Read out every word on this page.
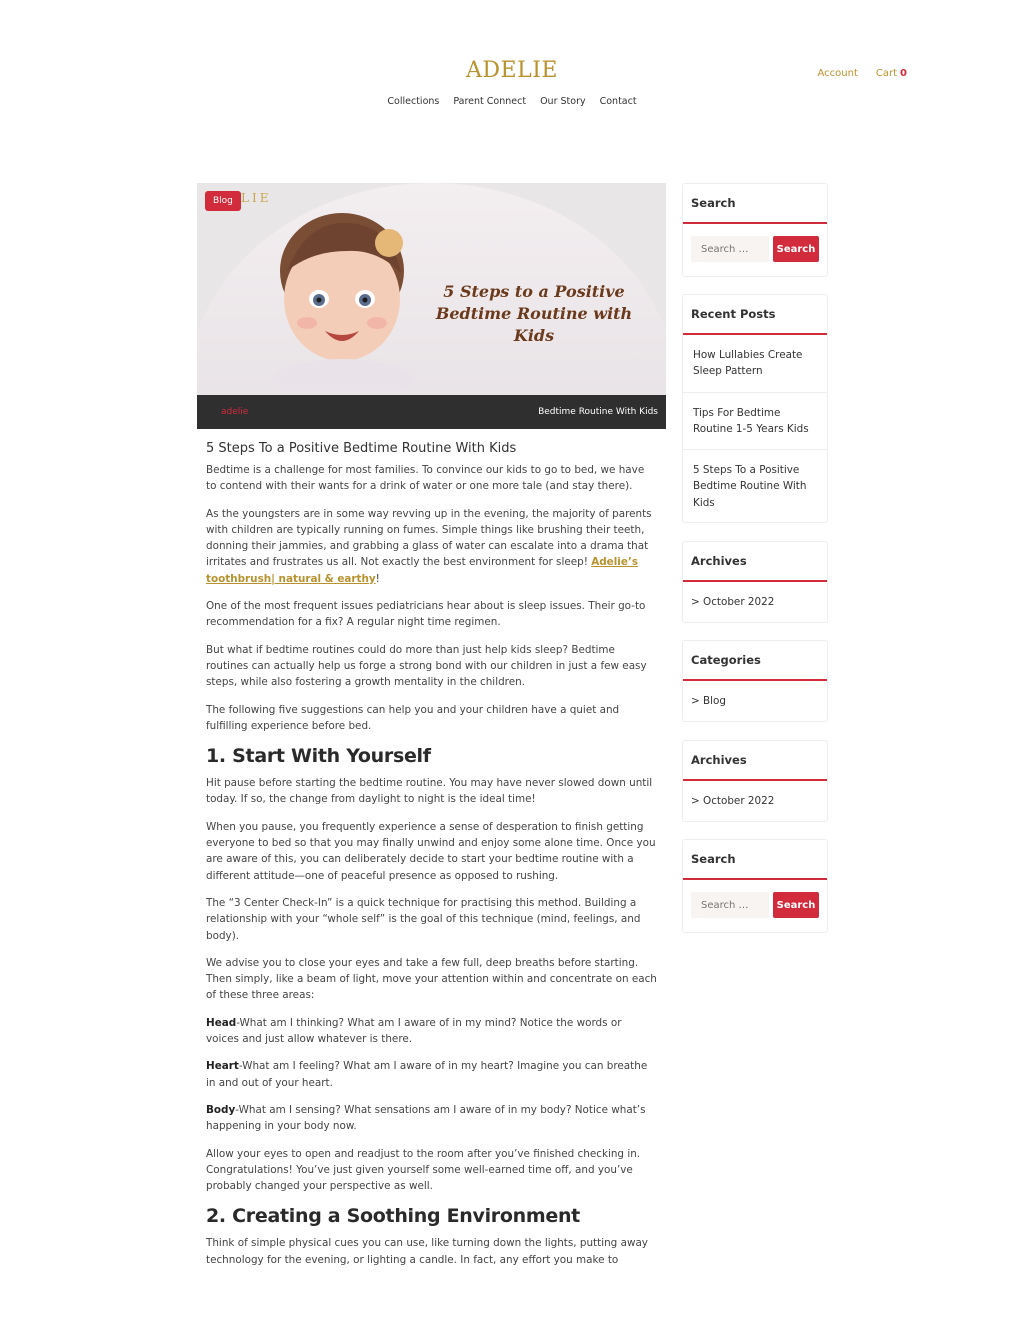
ADELIE	Account Cart 0
Collections Parent Connect Our Story Contact
LIE
5 Steps to a Positive
Bedtime Routine with Kids
Blog
adelie	Bedtime Routine With Kids
5 Steps To a Positive Bedtime Routine With Kids

Bedtime is a challenge for most families. To convince our kids to go to bed, we have to contend with their wants for a drink of water or one more tale (and stay there).

As the youngsters are in some way revving up in the evening, the majority of parents with children are typically running on fumes. Simple things like brushing their teeth, donning their jammies, and grabbing a glass of water can escalate into a drama that irritates and frustrates us all. Not exactly the best environment for sleep! Adelie’s toothbrush| natural & earthy!

One of the most frequent issues pediatricians hear about is sleep issues. Their go-to recommendation for a fix? A regular night time regimen.

But what if bedtime routines could do more than just help kids sleep? Bedtime routines can actually help us forge a strong bond with our children in just a few easy steps, while also fostering a growth mentality in the children.

The following five suggestions can help you and your children have a quiet and fulfilling experience before bed.

1. Start With Yourself

Hit pause before starting the bedtime routine. You may have never slowed down until today. If so, the change from daylight to night is the ideal time!

When you pause, you frequently experience a sense of desperation to finish getting everyone to bed so that you may finally unwind and enjoy some alone time. Once you are aware of this, you can deliberately decide to start your bedtime routine with a different attitude—one of peaceful presence as opposed to rushing.

The “3 Center Check-In” is a quick technique for practising this method. Building a relationship with your “whole self” is the goal of this technique (mind, feelings, and body).

We advise you to close your eyes and take a few full, deep breaths before starting. Then simply, like a beam of light, move your attention within and concentrate on each of these three areas:

Head-What am I thinking? What am I aware of in my mind? Notice the words or voices and just allow whatever is there.

Heart-What am I feeling? What am I aware of in my heart? Imagine you can breathe in and out of your heart.

Body-What am I sensing? What sensations am I aware of in my body? Notice what’s happening in your body now.

Allow your eyes to open and readjust to the room after you’ve finished checking in. Congratulations! You’ve just given yourself some well-earned time off, and you’ve probably changed your perspective as well.

2. Creating a Soothing Environment

Think of simple physical cues you can use, like turning down the lights, putting away technology for the evening, or lighting a candle. In fact, any effort you make to

Search
Search …
Search
Recent Posts
How Lullabies Create Sleep Pattern
Tips For Bedtime Routine 1-5 Years Kids
5 Steps To a Positive Bedtime Routine With Kids
Archives
> October 2022
Categories
> Blog
Archives
> October 2022
Search
Search …
Search
